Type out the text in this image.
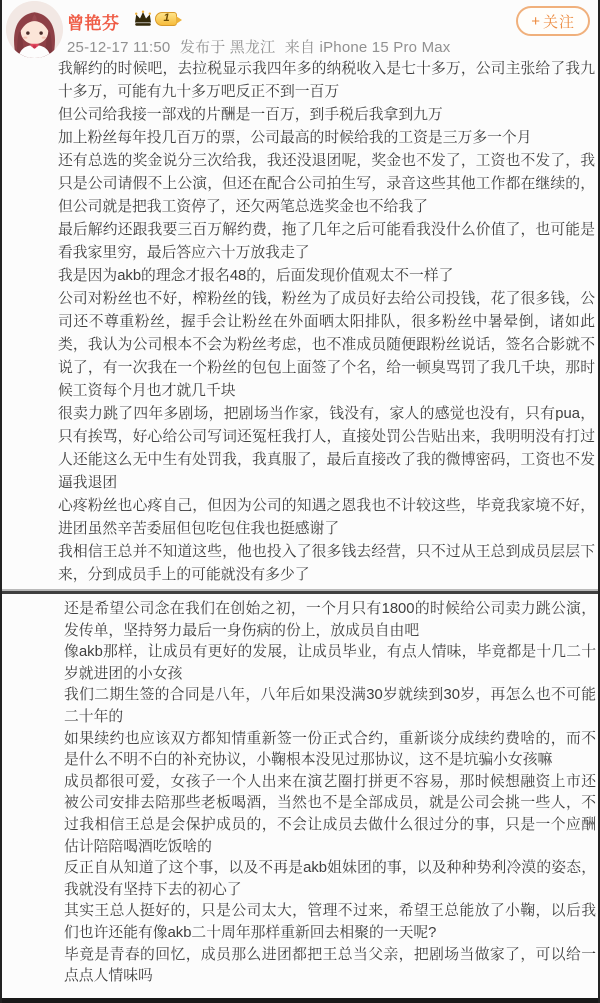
曾艳芬	1
25-12-17 11:50 发布于 黑龙江 来自 iPhone 15 Pro Max
+ 关注

我解约的时候吧，去拉税显示我四年多的纳税收入是七十多万，公司主张给了我九十多万，可能有九十多万吧反正不到一百万

但公司给我接一部戏的片酬是一百万，到手税后我拿到九万

加上粉丝每年投几百万的票，公司最高的时候给我的工资是三万多一个月

还有总选的奖金说分三次给我，我还没退团呢，奖金也不发了，工资也不发了，我只是公司请假不上公演，但还在配合公司拍生写，录音这些其他工作都在继续的，但公司就是把我工资停了，还欠两笔总选奖金也不给我了

最后解约还跟我要三百万解约费，拖了几年之后可能看我没什么价值了，也可能是看我家里穷，最后答应六十万放我走了

我是因为akb的理念才报名48的，后面发现价值观太不一样了

公司对粉丝也不好，榨粉丝的钱，粉丝为了成员好去给公司投钱，花了很多钱，公司还不尊重粉丝，握手会让粉丝在外面晒太阳排队，很多粉丝中暑晕倒，诸如此类，我认为公司根本不会为粉丝考虑，也不准成员随便跟粉丝说话，签名合影就不说了，有一次我在一个粉丝的包包上面签了个名，给一顿臭骂罚了我几千块，那时候工资每个月也才就几千块

很卖力跳了四年多剧场，把剧场当作家，钱没有，家人的感觉也没有，只有pua，只有挨骂，好心给公司写词还冤枉我打人，直接处罚公告贴出来，我明明没有打过人还能这么无中生有处罚我，我真服了，最后直接改了我的微博密码，工资也不发逼我退团

心疼粉丝也心疼自己，但因为公司的知遇之恩我也不计较这些，毕竟我家境不好，进团虽然辛苦委屈但包吃包住我也挺感谢了

我相信王总并不知道这些，他也投入了很多钱去经营，只不过从王总到成员层层下来，分到成员手上的可能就没有多少了

还是希望公司念在我们在创始之初，一个月只有1800的时候给公司卖力跳公演，发传单，坚持努力最后一身伤病的份上，放成员自由吧

像akb那样，让成员有更好的发展，让成员毕业，有点人情味，毕竟都是十几二十岁就进团的小女孩

我们二期生签的合同是八年，八年后如果没满30岁就续到30岁，再怎么也不可能二十年的

如果续约也应该双方都知情重新签一份正式合约，重新谈分成续约费啥的，而不是什么不明不白的补充协议，小鞠根本没见过那协议，这不是坑骗小女孩嘛

成员都很可爱，女孩子一个人出来在演艺圈打拼更不容易，那时候想融资上市还被公司安排去陪那些老板喝酒，当然也不是全部成员，就是公司会挑一些人，不过我相信王总是会保护成员的，不会让成员去做什么很过分的事，只是一个应酬估计陪陪喝酒吃饭啥的

反正自从知道了这个事，以及不再是akb姐妹团的事，以及种种势利冷漠的姿态，我就没有坚持下去的初心了

其实王总人挺好的，只是公司太大，管理不过来，希望王总能放了小鞠，以后我们也许还能有像akb二十周年那样重新回去相聚的一天呢?

毕竟是青春的回忆，成员那么进团都把王总当父亲，把剧场当做家了，可以给一点点人情味吗
